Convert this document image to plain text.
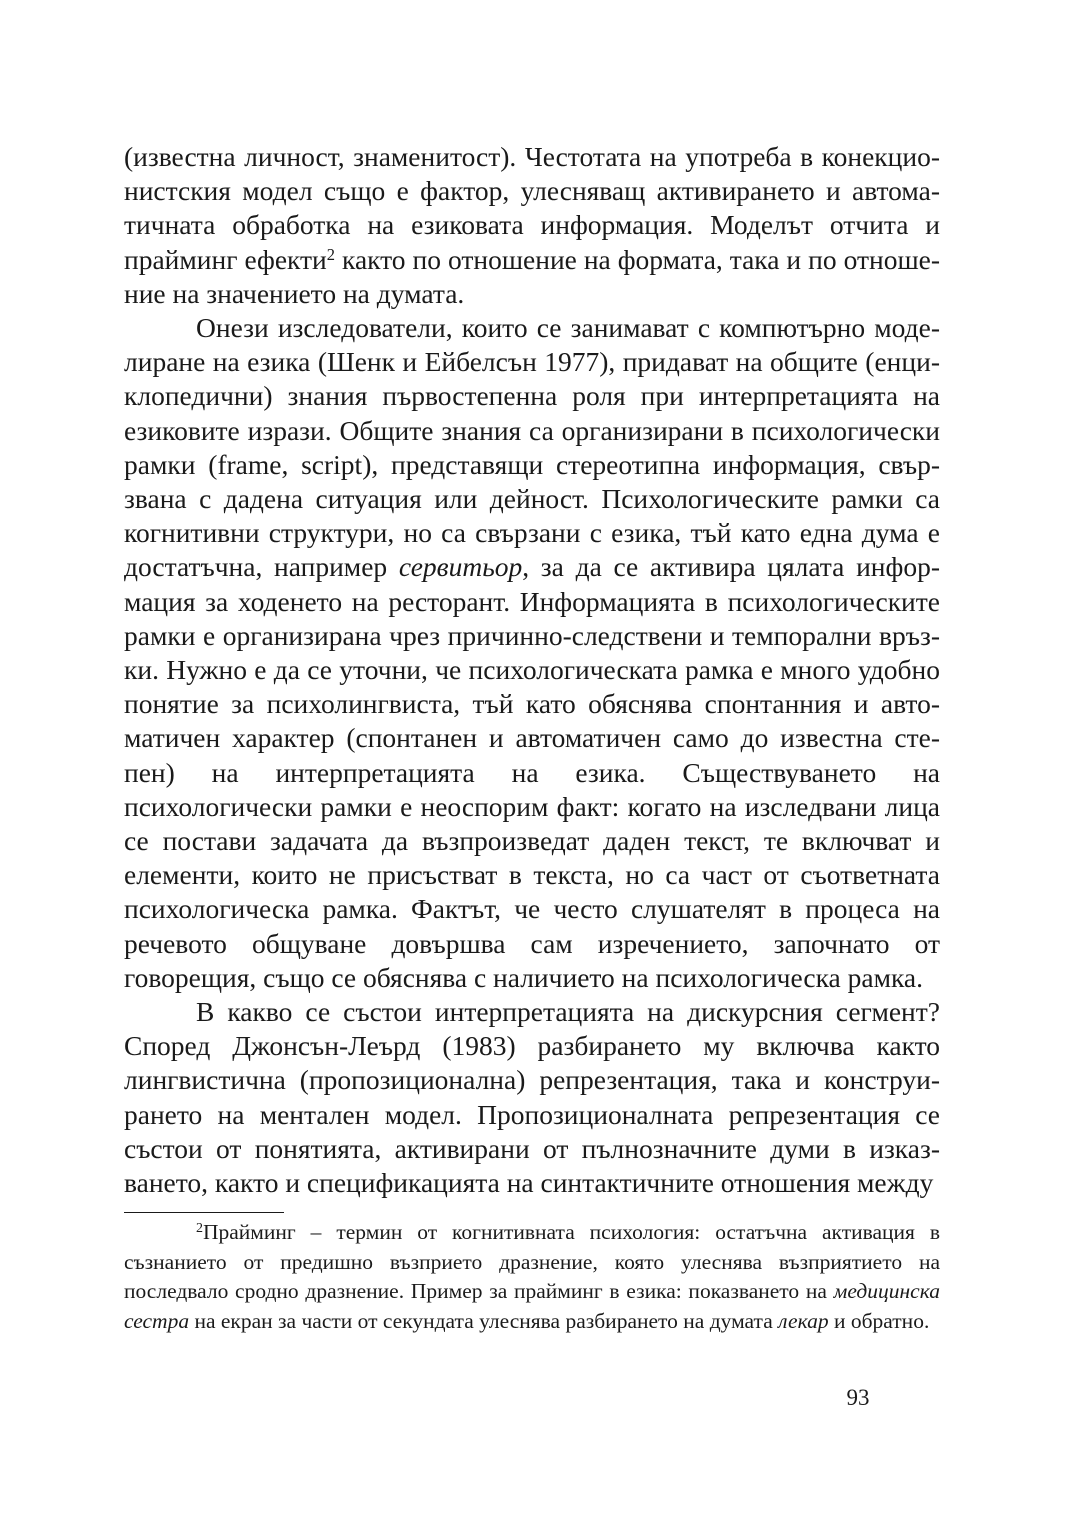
(известна личност, знаменитост). Честотата на употреба в конекционистския модел също е фактор, улесняващ активирането и автоматичната обработка на езиковата информация. Моделът отчита и прайминг ефекти$^2$ както по отношение на формата, така и по отношение на значението на думата.

Онези изследователи, които се занимават с компютърно моделиране на езика (Шенк и Ейбелсън 1977), придават на общите (енциклопедични) знания първостепенна роля при интерпретацията на езиковите изрази. Общите знания са организирани в психологически рамки (frame, script), представящи стереотипна информация, свързвана с дадена ситуация или дейност. Психологическите рамки са когнитивни структури, но са свързани с езика, тъй като една дума е достатъчна, например сервитьор, за да се активира цялата информация за ходенето на ресторант. Информацията в психологическите рамки е организирана чрез причинно-следствени и темпорални връзки. Нужно е да се уточни, че психологическата рамка е много удобно понятие за психолингвиста, тъй като обяснява спонтанния и автоматичен характер (спонтанен и автоматичен само до известна степен) на интерпретацията на езика. Съществуването на психологически рамки е неоспорим факт: когато на изследвани лица се постави задачата да възпроизведат даден текст, те включват и елементи, които не присъстват в текста, но са част от съответната психологическа рамка. Фактът, че често слушателят в процеса на речевото общуване довършва сам изречението, започнато от говорещия, също се обяснява с наличието на психологическа рамка.

В какво се състои интерпретацията на дискурсния сегмент? Според Джонсън-Леърд (1983) разбирането му включва както лингвистична (пропозиционална) репрезентация, така и конструирането на ментален модел. Пропозиционалната репрезентация се състои от понятията, активирани от пълнозначните думи в изказването, както и спецификацията на синтактичните отношения между

$^2$Прайминг – термин от когнитивната психология: остатъчна активация в съзнанието от предишно възприето дразнение, която улеснява възприятието на последвало сродно дразнение. Пример за прайминг в езика: показването на медицинска сестра на екран за части от секундата улеснява разбирането на думата лекар и обратно.

93
